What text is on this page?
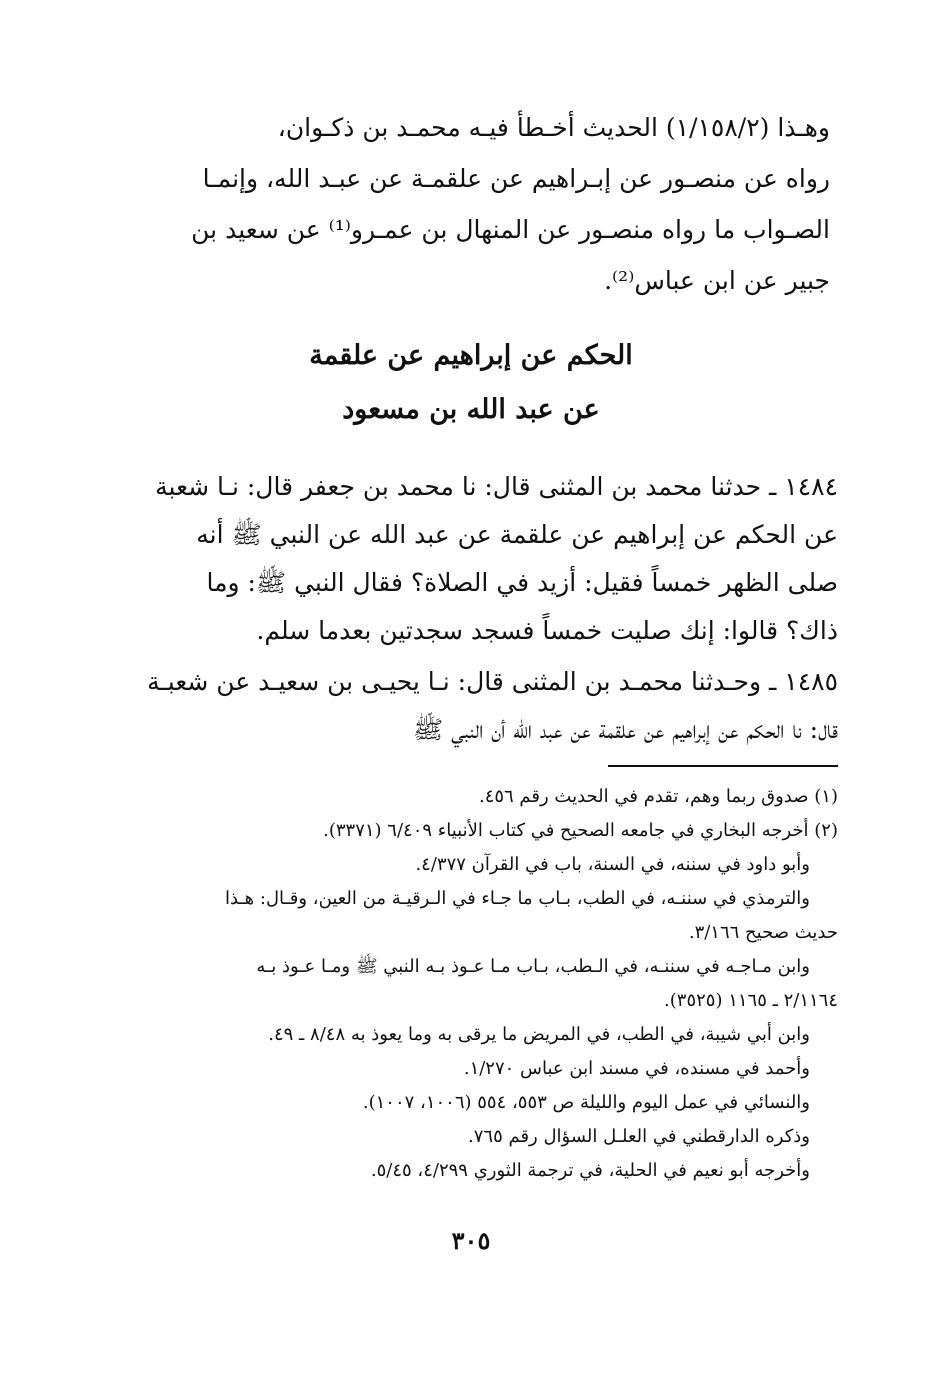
وهـذا (١/١٥٨/٢) الحديث أخـطأ فيـه محمـد بن ذكـوان،

رواه عن منصـور عن إبـراهيم عن علقمـة عن عبـد الله، وإنمـا

الصـواب ما رواه منصـور عن المنهال بن عمـرو⁽¹⁾ عن سعيد بن

جبير عن ابن عباس⁽²⁾.

الحكم عن إبراهيم عن علقمة
عن عبد الله بن مسعود

١٤٨٤ ـ حدثنا محمد بن المثنى قال: نا محمد بن جعفر قال: نـا شعبة

عن الحكم عن إبراهيم عن علقمة عن عبد الله عن النبي ﷺ أنه

صلى الظهر خمساً فقيل: أزيد في الصلاة؟ فقال النبي ﷺ: وما

ذاك؟ قالوا: إنك صليت خمساً فسجد سجدتين بعدما سلم.

١٤٨٥ ـ وحـدثنا محمـد بن المثنى قال: نـا يحيـى بن سعيـد عن شعبـة

قال: نا الحكم عن إبراهيم عن علقمة عن عبد الله أن النبي ﷺ

(١) صدوق ربما وهم، تقدم في الحديث رقم ٤٥٦.

(٢) أخرجه البخاري في جامعه الصحيح في كتاب الأنبياء ٦/٤٠٩ (٣٣٧١).

وأبو داود في سننه، في السنة، باب في القرآن ٤/٣٧٧.

والترمذي في سننـه، في الطب، بـاب ما جـاء في الـرقيـة من العين، وقـال: هـذا

حديث صحيح ٣/١٦٦.

وابن مـاجـه في سننـه، في الـطب، بـاب مـا عـوذ بـه النبي ﷺ ومـا عـوذ بـه

٢/١١٦٤ ـ ١١٦٥ (٣٥٢٥).

وابن أبي شيبة، في الطب، في المريض ما يرقى به وما يعوذ به ٨/٤٨ ـ ٤٩.

وأحمد في مسنده، في مسند ابن عباس ١/٢٧٠.

والنسائي في عمل اليوم والليلة ص ٥٥٣، ٥٥٤ (١٠٠٦، ١٠٠٧).

وذكره الدارقطني في العلـل السؤال رقم ٧٦٥.

وأخرجه أبو نعيم في الحلية، في ترجمة الثوري ٤/٢٩٩، ٥/٤٥.

٣٠٥
